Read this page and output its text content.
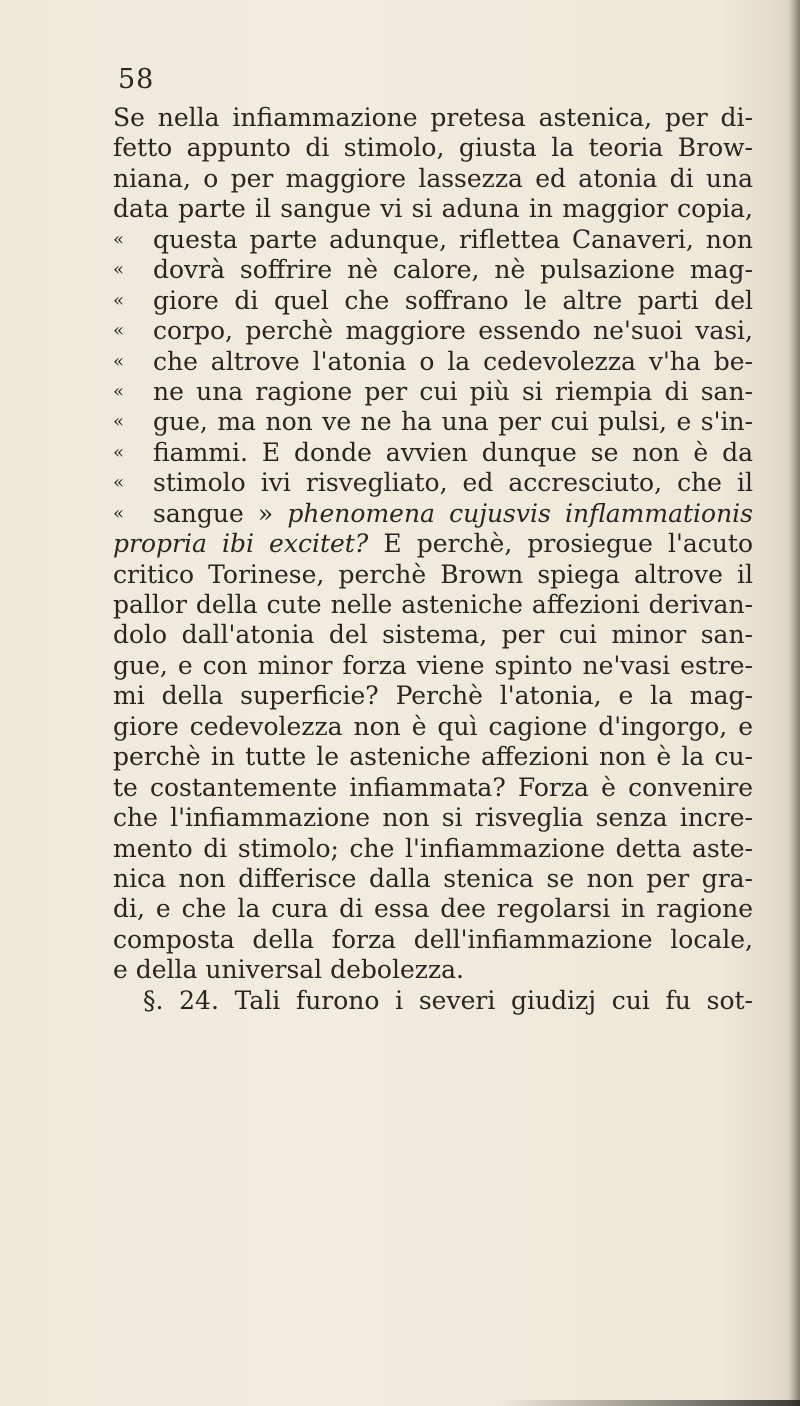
58

Se nella infiammazione pretesa astenica, per di-
fetto appunto di stimolo, giusta la teoria Brow-
niana, o per maggiore lassezza ed atonia di una
data parte il sangue vi si aduna in maggior copia,
« questa parte adunque, riflettea Canaveri, non
« dovrà soffrire nè calore, nè pulsazione mag-
« giore di quel che soffrano le altre parti del
« corpo, perchè maggiore essendo ne'suoi vasi,
« che altrove l'atonia o la cedevolezza v'ha be-
« ne una ragione per cui più si riempia di san-
« gue, ma non ve ne ha una per cui pulsi, e s'in-
« fiammi. E donde avvien dunque se non è da
« stimolo ivi risvegliato, ed accresciuto, che il
« sangue » phenomena cujusvis inflammationis
propria ibi excitet? E perchè, prosiegue l'acuto
critico Torinese, perchè Brown spiega altrove il
pallor della cute nelle asteniche affezioni derivan-
dolo dall'atonia del sistema, per cui minor san-
gue, e con minor forza viene spinto ne'vasi estre-
mi della superficie? Perchè l'atonia, e la mag-
giore cedevolezza non è quì cagione d'ingorgo, e
perchè in tutte le asteniche affezioni non è la cu-
te costantemente infiammata? Forza è convenire
che l'infiammazione non si risveglia senza incre-
mento di stimolo; che l'infiammazione detta aste-
nica non differisce dalla stenica se non per gra-
di, e che la cura di essa dee regolarsi in ragione
composta della forza dell'infiammazione locale,
e della universal debolezza.
§. 24. Tali furono i severi giudizj cui fu sot-
